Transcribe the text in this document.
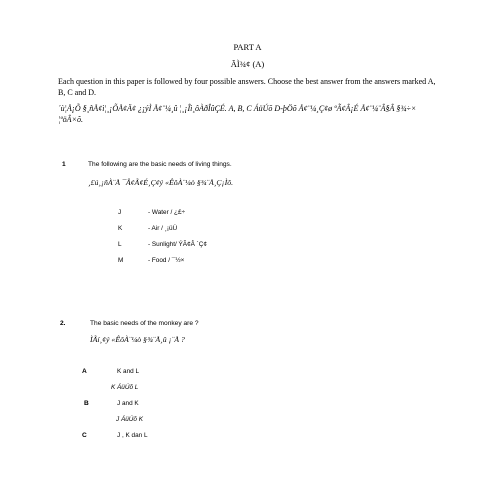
PART A
ÃÌ¾¢ (A)
Each question in this paper is followed by four possible answers. Choose the best answer from the answers marked A, B, C and D.
´ù¦Å¡Õ §¸ñÅ¢ì¦¸¡ÕÅ¢Ä¢ ¿¡ýÌ Å¢¨¼¸û ¦¸¡Îì¸ôÀðÎûÇÉ. A, B, C ÁüÚõ D-þÖõ Å¢¨¼¸Ç¢ø ºÃ¢Â¡É Å¢¨¼¨Â§Â §¾÷× ¦ºöÂ×õ.
1	The following are the basic needs of living things.
¸£ú¸¡ñÀ¨Å ¯Â¢Ã¢É¸Ç¢ý «ÊôÀ¨¼ò §¾¨Å¸Ç¡Ìõ.
J	- Water / ¿£÷
K	- Air / ¸¡üÚ
L	- Sunlight/ ÝÃ¢Â ´Ç¢
M	- Food / ¯½×
2.	The basic needs of the monkey are ?
ÌÃí¸¢ý «ÊôÀ¨¼ò §¾¨Å¸û ¡¨Å ?
A	K and L
K ÁüÚõ L
B	J and K
J ÁüÚõ K
C	J , K dan L
